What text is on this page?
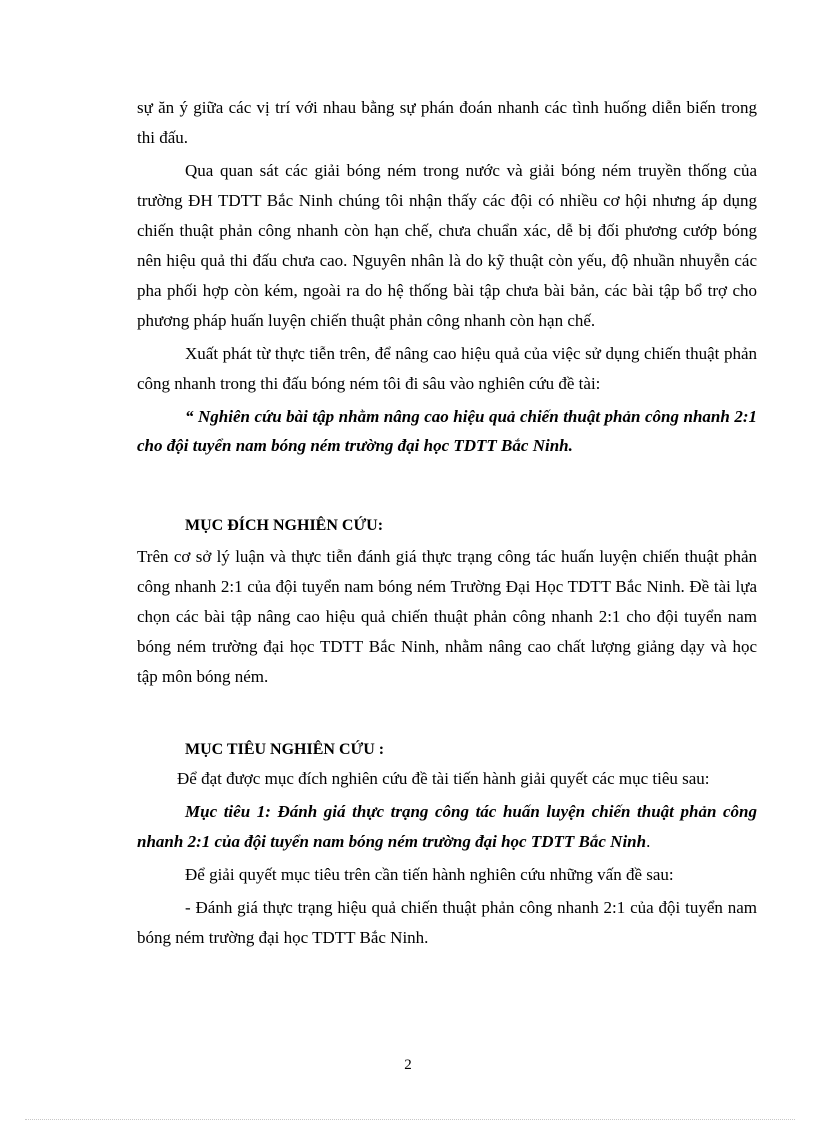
sự ăn ý giữa các vị trí với nhau bằng sự phán đoán nhanh các tình huống diễn biến trong thi đấu.

Qua quan sát các giải bóng ném trong nước và giải bóng ném truyền thống của trường ĐH TDTT Bắc Ninh chúng tôi nhận thấy các đội có nhiều cơ hội nhưng áp dụng chiến thuật phản công nhanh còn hạn chế, chưa chuẩn xác, dễ bị đối phương cướp bóng nên hiệu quả thi đấu chưa cao. Nguyên nhân là do kỹ thuật còn yếu, độ nhuần nhuyễn các pha phối hợp còn kém, ngoài ra do hệ thống bài tập chưa bài bản, các bài tập bổ trợ cho phương pháp huấn luyện chiến thuật phản công nhanh còn hạn chế.

Xuất phát từ thực tiễn trên, để nâng cao hiệu quả của việc sử dụng chiến thuật phản công nhanh trong thi đấu bóng ném tôi đi sâu vào nghiên cứu đề tài:

“ Nghiên cứu bài tập nhằm nâng cao hiệu quả chiến thuật phản công nhanh 2:1 cho đội tuyển nam bóng ném trường đại học TDTT Bắc Ninh.

MỤC ĐÍCH NGHIÊN CỨU:

Trên cơ sở lý luận và thực tiễn đánh giá thực trạng công tác huấn luyện chiến thuật phản công nhanh 2:1 của đội tuyển nam bóng ném Trường Đại Học TDTT Bắc Ninh. Đề tài lựa chọn các bài tập nâng cao hiệu quả chiến thuật phản công nhanh 2:1 cho đội tuyển nam bóng ném trường đại học TDTT Bắc Ninh, nhằm nâng cao chất lượng giảng dạy và học tập môn bóng ném.

MỤC TIÊU NGHIÊN CỨU :

Để đạt được mục đích nghiên cứu đề tài tiến hành giải quyết các mục tiêu sau:

Mục tiêu 1: Đánh giá thực trạng công tác huấn luyện chiến thuật phản công nhanh 2:1 của đội tuyển nam bóng ném trường đại học TDTT Bắc Ninh.

Để giải quyết mục tiêu trên cần tiến hành nghiên cứu những vấn đề sau:

- Đánh giá thực trạng hiệu quả chiến thuật phản công nhanh 2:1 của đội tuyển nam bóng ném trường đại học TDTT Bắc Ninh.

2
